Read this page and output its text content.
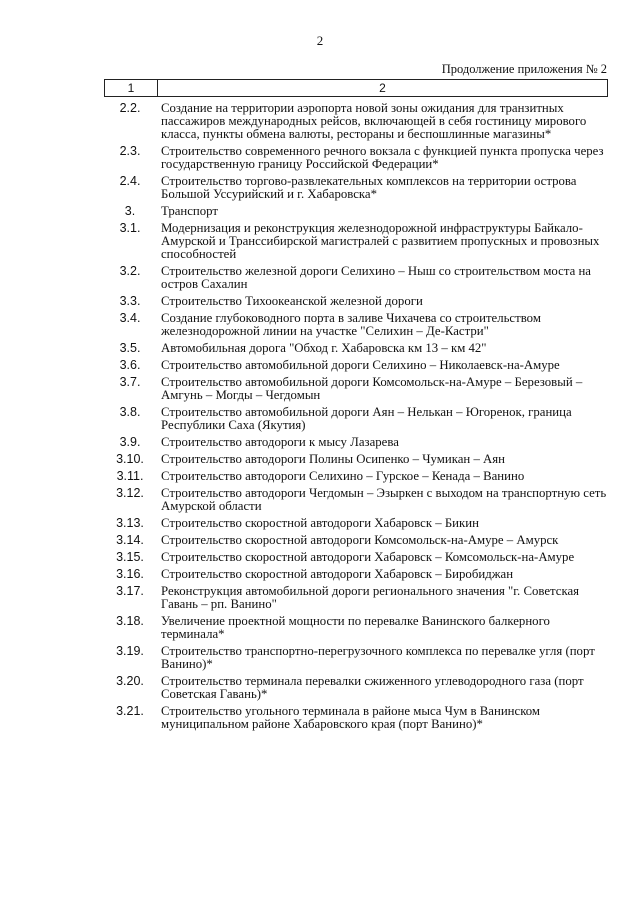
2
Продолжение приложения № 2
1	2
2.2.	Создание на территории аэропорта новой зоны ожидания для транзитных пассажиров международных рейсов, включающей в себя гостиницу мирового класса, пункты обмена валюты, рестораны и беспошлинные магазины*
2.3.	Строительство современного речного вокзала с функцией пункта пропуска через государственную границу Российской Федерации*
2.4.	Строительство торгово-развлекательных комплексов на территории острова Большой Уссурийский и г. Хабаровска*
3.	Транспорт
3.1.	Модернизация и реконструкция железнодорожной инфраструктуры Байкало-Амурской и Транссибирской магистралей с развитием пропускных и провозных способностей
3.2.	Строительство железной дороги Селихино – Ныш со строительством моста на остров Сахалин
3.3.	Строительство Тихоокеанской железной дороги
3.4.	Создание глубоководного порта в заливе Чихачева со строительством железнодорожной линии на участке "Селихин – Де-Кастри"
3.5.	Автомобильная дорога "Обход г. Хабаровска км 13 – км 42"
3.6.	Строительство автомобильной дороги Селихино – Николаевск-на-Амуре
3.7.	Строительство автомобильной дороги Комсомольск-на-Амуре – Березовый – Амгунь – Могды – Чегдомын
3.8.	Строительство автомобильной дороги Аян – Нелькан – Югоренок, граница Республики Саха (Якутия)
3.9.	Строительство автодороги к мысу Лазарева
3.10.	Строительство автодороги Полины Осипенко – Чумикан – Аян
3.11.	Строительство автодороги Селихино – Гурское – Кенада – Ванино
3.12.	Строительство автодороги Чегдомын – Эзыркен с выходом на транспортную сеть Амурской области
3.13.	Строительство скоростной автодороги Хабаровск – Бикин
3.14.	Строительство скоростной автодороги Комсомольск-на-Амуре – Амурск
3.15.	Строительство скоростной автодороги Хабаровск – Комсомольск-на-Амуре
3.16.	Строительство скоростной автодороги Хабаровск – Биробиджан
3.17.	Реконструкция автомобильной дороги регионального значения "г. Советская Гавань – рп. Ванино"
3.18.	Увеличение проектной мощности по перевалке Ванинского балкерного терминала*
3.19.	Строительство транспортно-перегрузочного комплекса по перевалке угля (порт Ванино)*
3.20.	Строительство терминала перевалки сжиженного углеводородного газа (порт Советская Гавань)*
3.21.	Строительство угольного терминала в районе мыса Чум в Ванинском муниципальном районе Хабаровского края (порт Ванино)*
